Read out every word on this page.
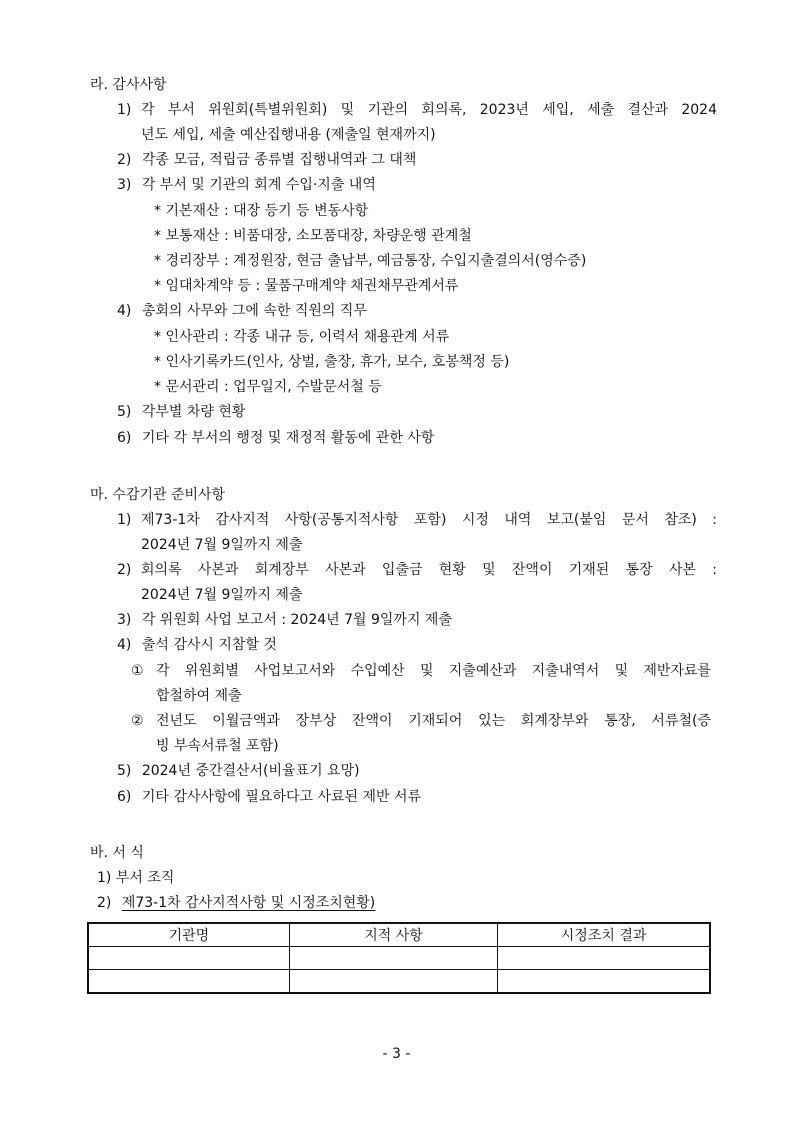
라. 감사사항
1) 각 부서 위원회(특별위원회) 및 기관의 회의록, 2023년 세입, 세출 결산과 2024
년도 세입, 세출 예산집행내용 (제출일 현재까지)
2) 각종 모금, 적립금 종류별 집행내역과 그 대책
3) 각 부서 및 기관의 회계 수입·지출 내역
* 기본재산 : 대장 등기 등 변동사항
* 보통재산 : 비품대장, 소모품대장, 차량운행 관계철
* 경리장부 : 계정원장, 현금 출납부, 예금통장, 수입지출결의서(영수증)
* 임대차계약 등 : 물품구매계약 채권채무관계서류
4) 총회의 사무와 그에 속한 직원의 직무
* 인사관리 : 각종 내규 등, 이력서 채용관계 서류
* 인사기록카드(인사, 상벌, 출장, 휴가, 보수, 호봉책정 등)
* 문서관리 : 업무일지, 수발문서철 등
5) 각부별 차량 현황
6) 기타 각 부서의 행정 및 재정적 활동에 관한 사항
마. 수감기관 준비사항
1) 제73-1차 감사지적 사항(공통지적사항 포함) 시정 내역 보고(붙임 문서 참조) :
2024년 7월 9일까지 제출
2) 회의록 사본과 회계장부 사본과 입출금 현황 및 잔액이 기재된 통장 사본 :
2024년 7월 9일까지 제출
3) 각 위원회 사업 보고서 : 2024년 7월 9일까지 제출
4) 출석 감사시 지참할 것
① 각 위원회별 사업보고서와 수입예산 및 지출예산과 지출내역서 및 제반자료를
합철하여 제출
② 전년도 이월금액과 장부상 잔액이 기재되어 있는 회계장부와 통장, 서류철(증
빙 부속서류철 포함)
5) 2024년 중간결산서(비율표기 요망)
6) 기타 감사사항에 필요하다고 사료된 제반 서류
바. 서 식
1) 부서 조직
2) 제73-1차 감사지적사항 및 시정조치현황)
기관명	지적 사항	시정조치 결과

- 3 -
